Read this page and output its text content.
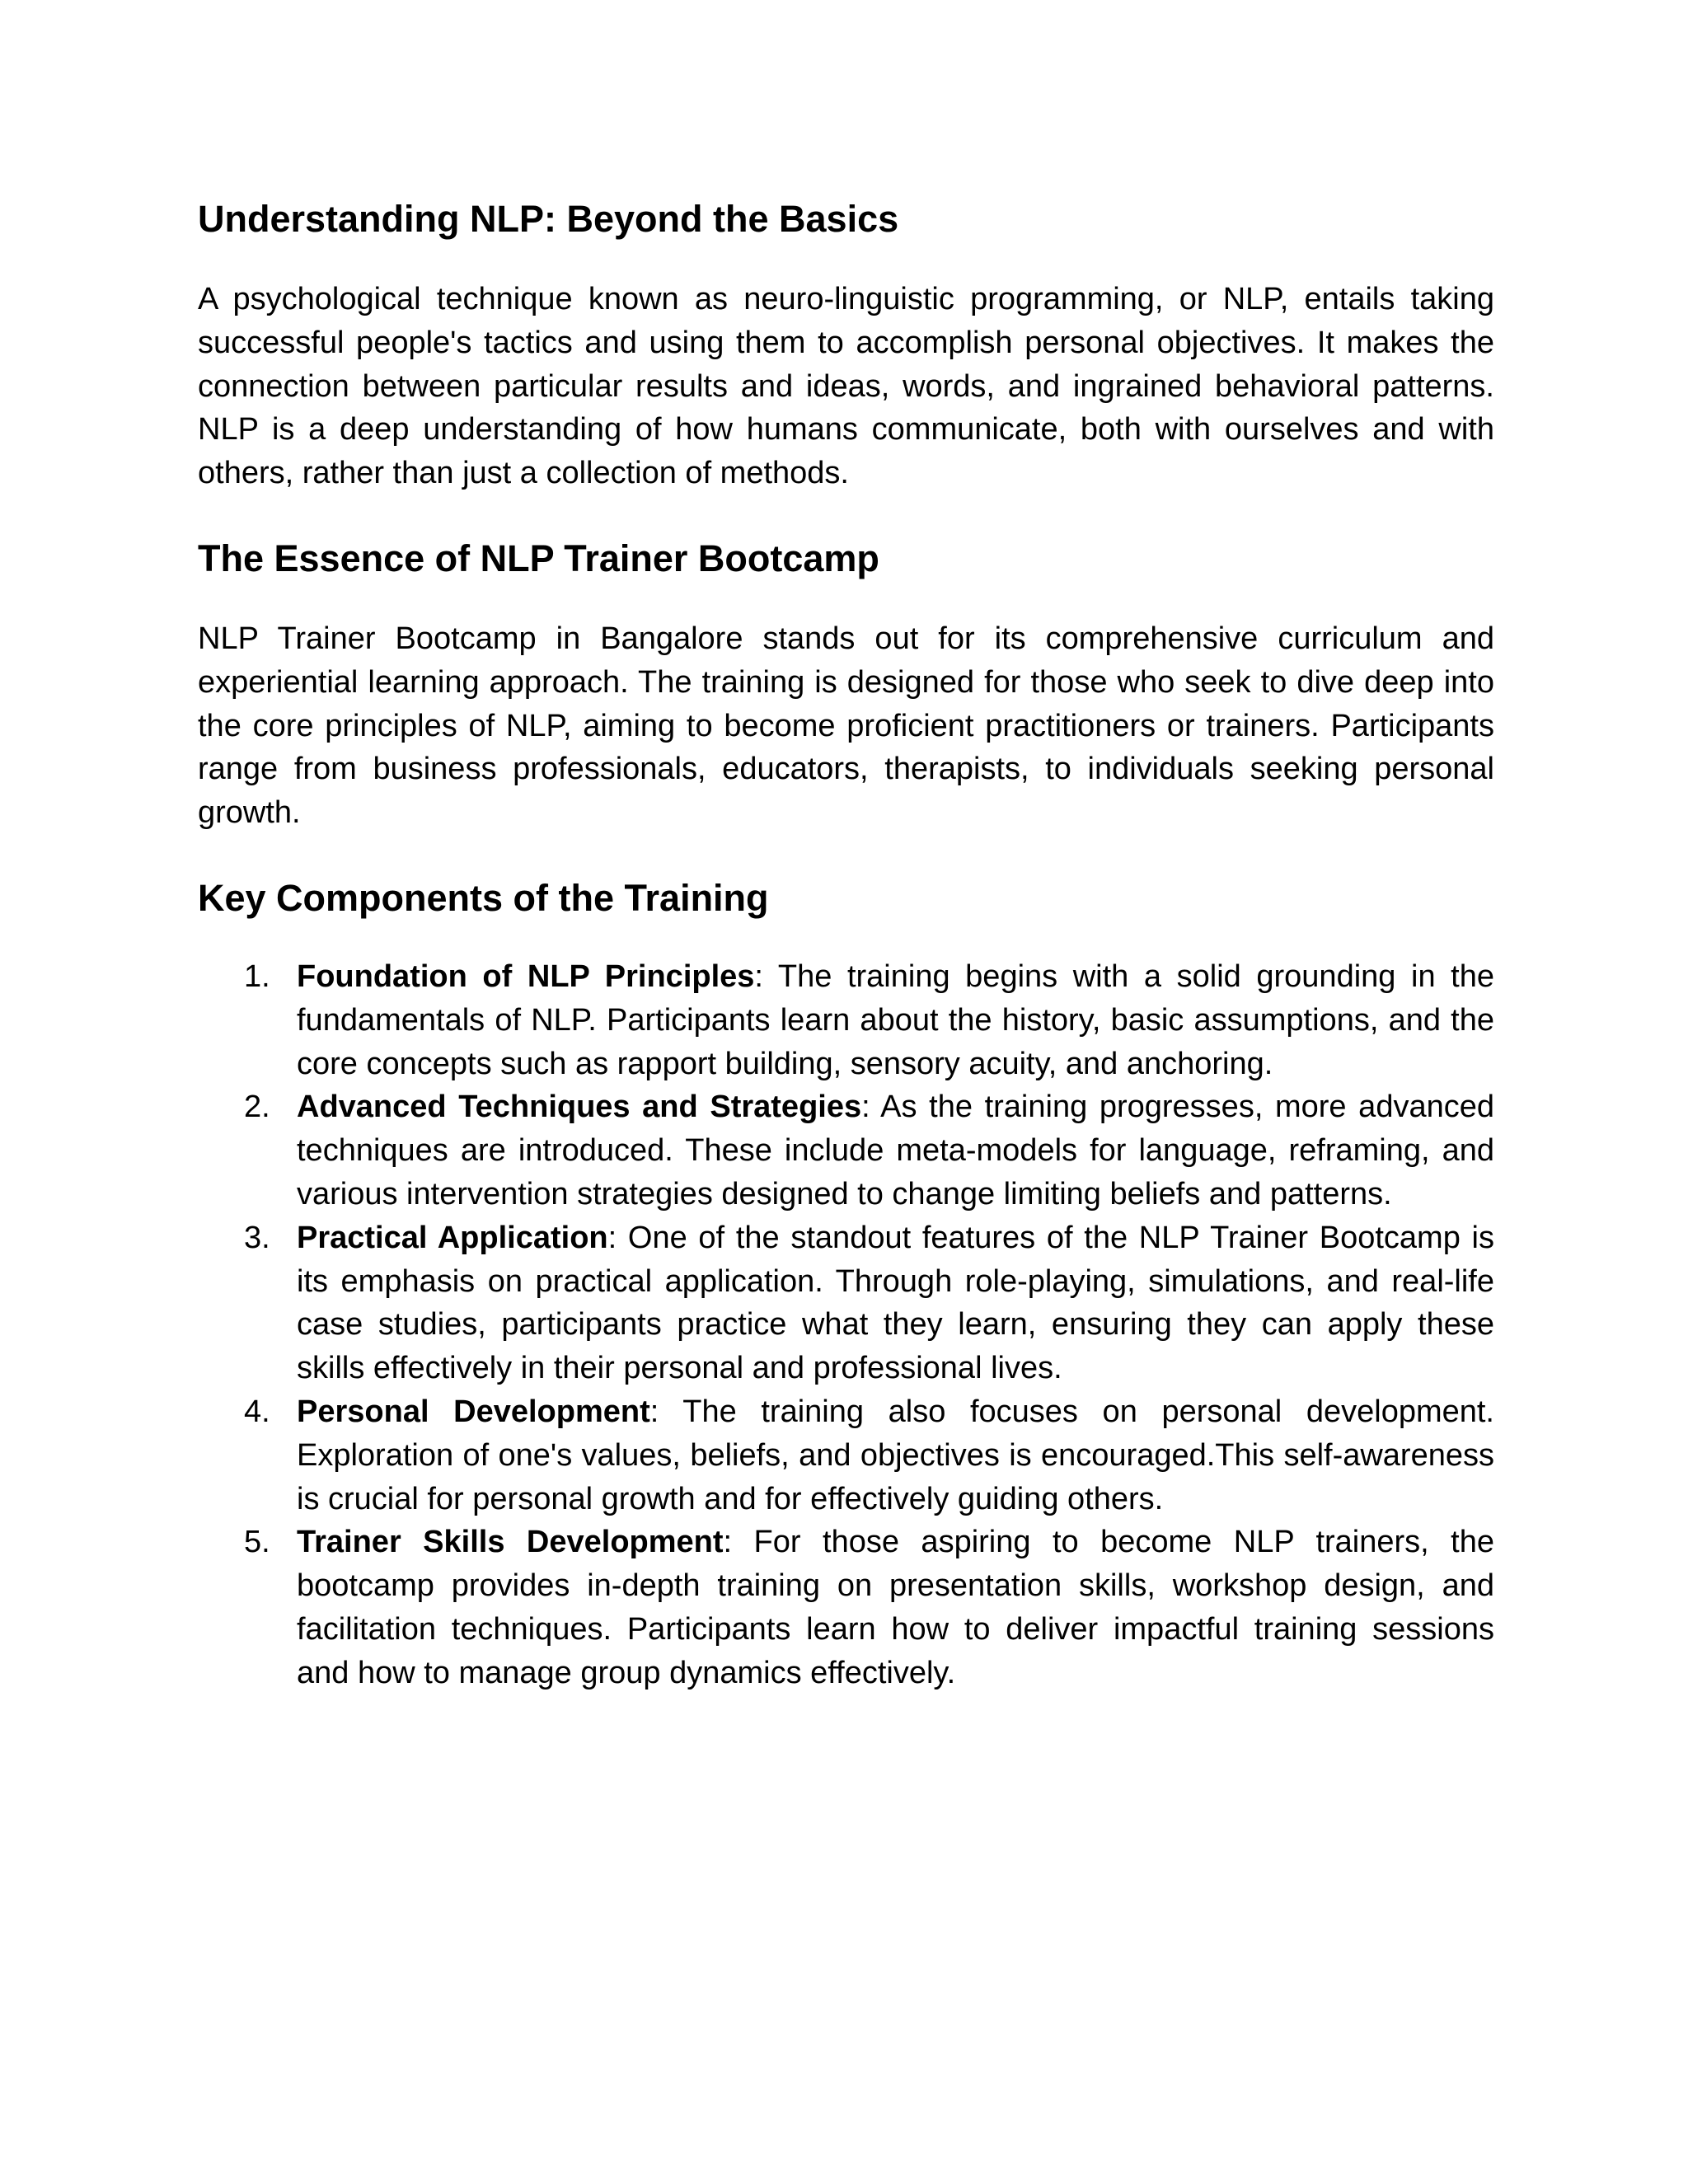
Understanding NLP: Beyond the Basics

A psychological technique known as neuro-linguistic programming, or NLP, entails taking successful people's tactics and using them to accomplish personal objectives. It makes the connection between particular results and ideas, words, and ingrained behavioral patterns. NLP is a deep understanding of how humans communicate, both with ourselves and with others, rather than just a collection of methods.

The Essence of NLP Trainer Bootcamp

NLP Trainer Bootcamp in Bangalore stands out for its comprehensive curriculum and experiential learning approach. The training is designed for those who seek to dive deep into the core principles of NLP, aiming to become proficient practitioners or trainers. Participants range from business professionals, educators, therapists, to individuals seeking personal growth.

Key Components of the Training
1. Foundation of NLP Principles: The training begins with a solid grounding in the fundamentals of NLP. Participants learn about the history, basic assumptions, and the core concepts such as rapport building, sensory acuity, and anchoring.
2. Advanced Techniques and Strategies: As the training progresses, more advanced techniques are introduced. These include meta-models for language, reframing, and various intervention strategies designed to change limiting beliefs and patterns.
3. Practical Application: One of the standout features of the NLP Trainer Bootcamp is its emphasis on practical application. Through role-playing, simulations, and real-life case studies, participants practice what they learn, ensuring they can apply these skills effectively in their personal and professional lives.
4. Personal Development: The training also focuses on personal development. Exploration of one's values, beliefs, and objectives is encouraged.This self-awareness is crucial for personal growth and for effectively guiding others.
5. Trainer Skills Development: For those aspiring to become NLP trainers, the bootcamp provides in-depth training on presentation skills, workshop design, and facilitation techniques. Participants learn how to deliver impactful training sessions and how to manage group dynamics effectively.
